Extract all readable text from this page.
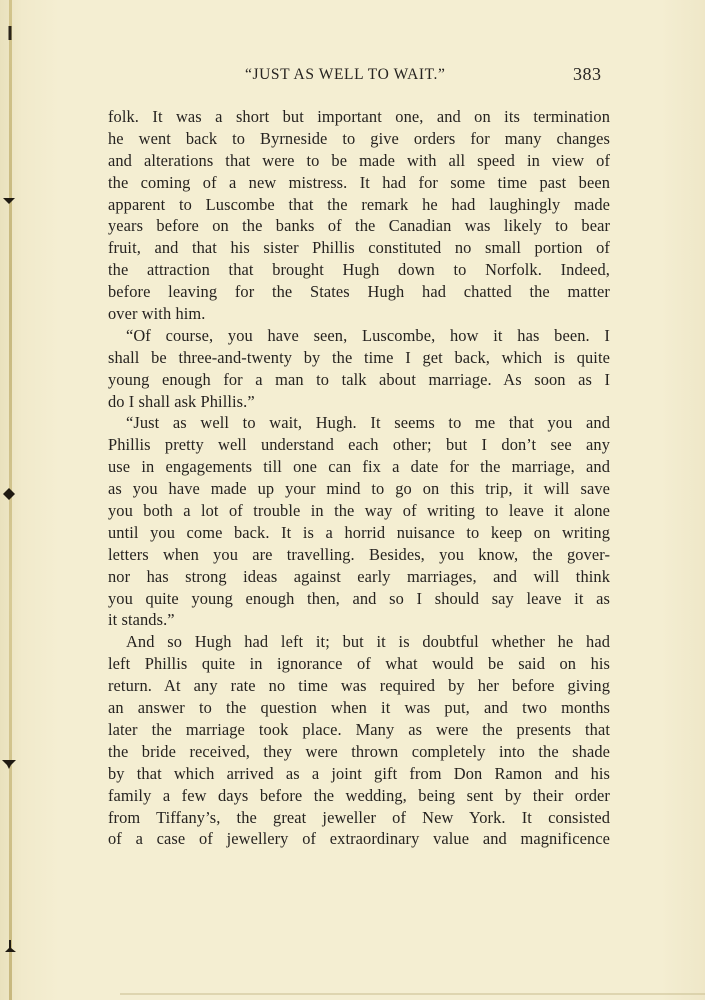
“JUST AS WELL TO WAIT.”	383
folk. It was a short but important one, and on its termination
he went back to Byrneside to give orders for many changes
and alterations that were to be made with all speed in view of
the coming of a new mistress. It had for some time past been
apparent to Luscombe that the remark he had laughingly made
years before on the banks of the Canadian was likely to bear
fruit, and that his sister Phillis constituted no small portion of
the attraction that brought Hugh down to Norfolk. Indeed,
before leaving for the States Hugh had chatted the matter
over with him.
“Of course, you have seen, Luscombe, how it has been. I
shall be three-and-twenty by the time I get back, which is quite
young enough for a man to talk about marriage. As soon as I
do I shall ask Phillis.”
“Just as well to wait, Hugh. It seems to me that you and
Phillis pretty well understand each other; but I don’t see any
use in engagements till one can fix a date for the marriage, and
as you have made up your mind to go on this trip, it will save
you both a lot of trouble in the way of writing to leave it alone
until you come back. It is a horrid nuisance to keep on writing
letters when you are travelling. Besides, you know, the gover-
nor has strong ideas against early marriages, and will think
you quite young enough then, and so I should say leave it as
it stands.”
And so Hugh had left it; but it is doubtful whether he had
left Phillis quite in ignorance of what would be said on his
return. At any rate no time was required by her before giving
an answer to the question when it was put, and two months
later the marriage took place. Many as were the presents that
the bride received, they were thrown completely into the shade
by that which arrived as a joint gift from Don Ramon and his
family a few days before the wedding, being sent by their order
from Tiffany’s, the great jeweller of New York. It consisted
of a case of jewellery of extraordinary value and magnificence
